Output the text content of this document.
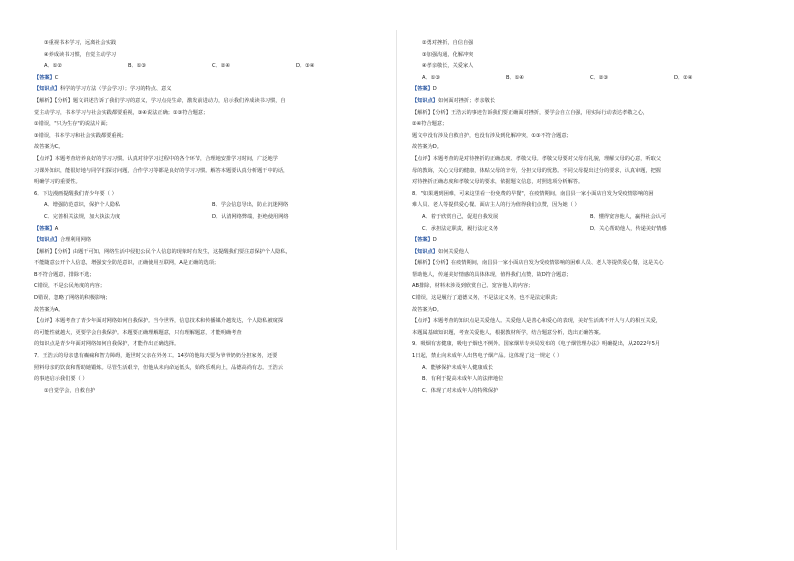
③重视书本学习，远离社会实践
④养成读书习惯，自觉主动学习
A．①②	B．①③	C．②④	D．③④
【答案】C
【知识点】科学的学习方法（学会学习）；学习的特点、意义
【解析】【分析】题文讲述告诉了我们学习的意义，学习点亮生命，激发前进动力，启示我们养成读书习惯，自
觉主动学习，书本学习与社会实践都要重视，③④说法正确；①③符合题意；
①错误，"只为生存"的说法片面；
③错误，书本学习和社会实践都要重视；
故答案为C。
【点评】本题考查培养良好的学习习惯。认真对待学习过程中的各个环节，合理地安排学习时间，广泛地学
习课外知识，能很好地与同学们探讨问题，合作学习等都是良好的学习习惯。解答本题要认真分析题干中的话，
明确学习的重要性。
6．下边漫画提醒我们青少年要（ ）
A．增强防范意识，保护个人隐私	B．学会信息导出，防止沉迷网络
C．完善相关法规，加大执法力度	D．认清网络弊端，拒绝使用网络
【答案】A
【知识点】合理利用网络
【解析】【分析】由题干可知，网络生活中侵犯公民个人信息的现象时有发生，这提醒我们要注意保护个人隐私，
不能随意公开个人信息，增强安全防范意识，正确使用互联网，A是正确的选项；
B不符合题意，排除不选；
C错误，不是公民角度的内容；
D错误，忽略了网络的积极影响；
故答案为A。
【点评】本题考查了青少年面对网络如何自我保护。当今世界，信息技术和传播媒介越发达，个人隐私被窥探
的可能性就越大，更要学会自我保护。本题要正确理解题意，只有理解题意，才能明确考查
的知识点是青少年面对网络如何自我保护，才能作出正确选择。
7．王浩云的母亲患有癫痫和智力障碍，逝世时父亲在外务工。14岁的他每天要为爷爷奶奶分担家务，还要
照料母亲的饮食和帮助她锻炼。尽管生活艰辛，但他从未向命运低头，始终乐观向上，品德高尚有志。王浩云
的事迹启示我们要（ ）
①自觉学会，自救自护
②勇对挫折，自信自强
③加强沟通，化解冲突
④孝亲敬长，关爱家人
A．①③	B．①④	C．②③	D．②④
【答案】D
【知识点】如何面对挫折；孝亲敬长
【解析】【分析】王浩云的事迹告诉我们要正确面对挫折，要学会自立自强，用实际行动表达孝敬之心，
②④符合题意；
题文中没有涉及自救自护，也没有涉及到化解冲突，①③不符合题意；
故答案为D。
【点评】本题考查的是对待挫折的正确态度、孝敬父母。孝敬父母要对父母有礼貌，理解父母的心意，听取父
母的教诲，关心父母的健康，体贴父母的辛劳，分担父母的忧愁。不同父母提出过分的要求，认真审题，把握
对待挫折正确态度和孝敬父母的要求，依据题文信息，对照选项分析解答。
8．"如果遇到困难，可来这里看一份免费的早餐"，在疫情期间，南昌县一家小面店自发为受疫情影响的困
难人员、老人等提供爱心餐。面店主人的行为值得我们点赞，因为她（ ）
A．着于欣赏自己，促进自我发展	B．懂得宽容他人，赢得社会认可
C．承担法定职责，履行法定义务	D．关心帮助他人，传递美好情感
【答案】D
【知识点】如何关爱他人
【解析】【分析】在疫情期间，南昌县一家小面店自发为受疫情影响的困难人员、老人等提供爱心餐，这是关心
帮助他人，传递美好情感的具体体现，值得我们点赞，故D符合题意；
AB排除，材料未涉及到欣赏自己、宽容他人的内容；
C错误，这是履行了道德义务，不是法定义务，也不是法定职责；
故答案为D。
【点评】本题考查的知识点是关爱他人。关爱他人是善心和爱心的表现，美好生活离不开人与人的相互关爱，
本题属基础知识题，考查关爱他人，根据教材所学，结合题意分析，选出正确答案。
9．吸烟有害健康，吸电子烟也不例外。国家烟草专卖局发布的《电子烟管理办法》明确提出，从2022年5月
1日起，禁止向未成年人出售电子烟产品。这体现了这一规定（ ）
A．能够保护未成年人健康成长
B．有利于提高未成年人的法律地位
C．体现了对未成年人的特殊保护
